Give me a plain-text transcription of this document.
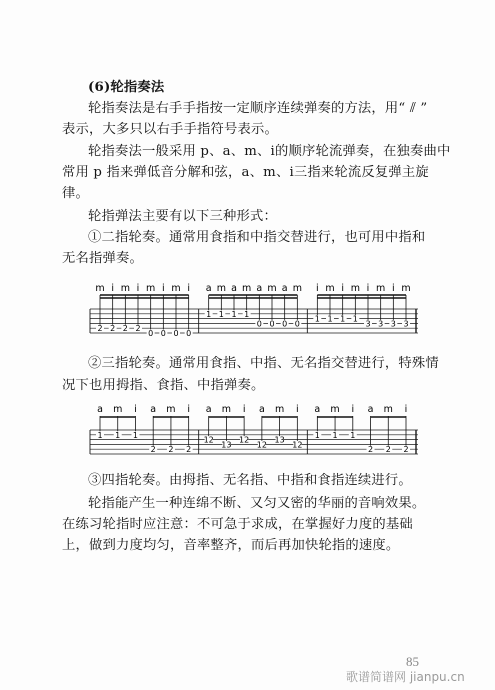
(6)轮指奏法
轮指奏法是右手手指按一定顺序连续弹奏的方法，用“ ⫽ ”
表示，大多只以右手手指符号表示。
轮指奏法一般采用 p、a、m、i的顺序轮流弹奏，在独奏曲中
常用 p 指来弹低音分解和弦，a、m、i三指来轮流反复弹主旋
律。
轮指弹法主要有以下三种形式：
①二指轮奏。通常用食指和中指交替进行，也可用中指和
无名指弹奏。
m
2
i
2
m
2
i
2
m
0
i
0
m
0
i
0
a
1
m
1
a
1
m
1
a
0
m
0
a
0
m
0
i
1
m
1
i
1
m
1
i
3
m
3
i
3
m
3
②三指轮奏。通常用食指、中指、无名指交替进行，特殊情
况下也用拇指、食指、中指弹奏。
a
1
m
1
i
1
a
2
m
2
i
2
a
12
m
13
i
12
a
12
m
13
i
12
a
1
m
1
i
1
a
2
m
2
i
2
③四指轮奏。由拇指、无名指、中指和食指连续进行。
轮指能产生一种连绵不断、又匀又密的华丽的音响效果。
在练习轮指时应注意：不可急于求成，在掌握好力度的基础
上，做到力度均匀，音率整齐，而后再加快轮指的速度。
85
歌谱简谱网 jianpu.cn
